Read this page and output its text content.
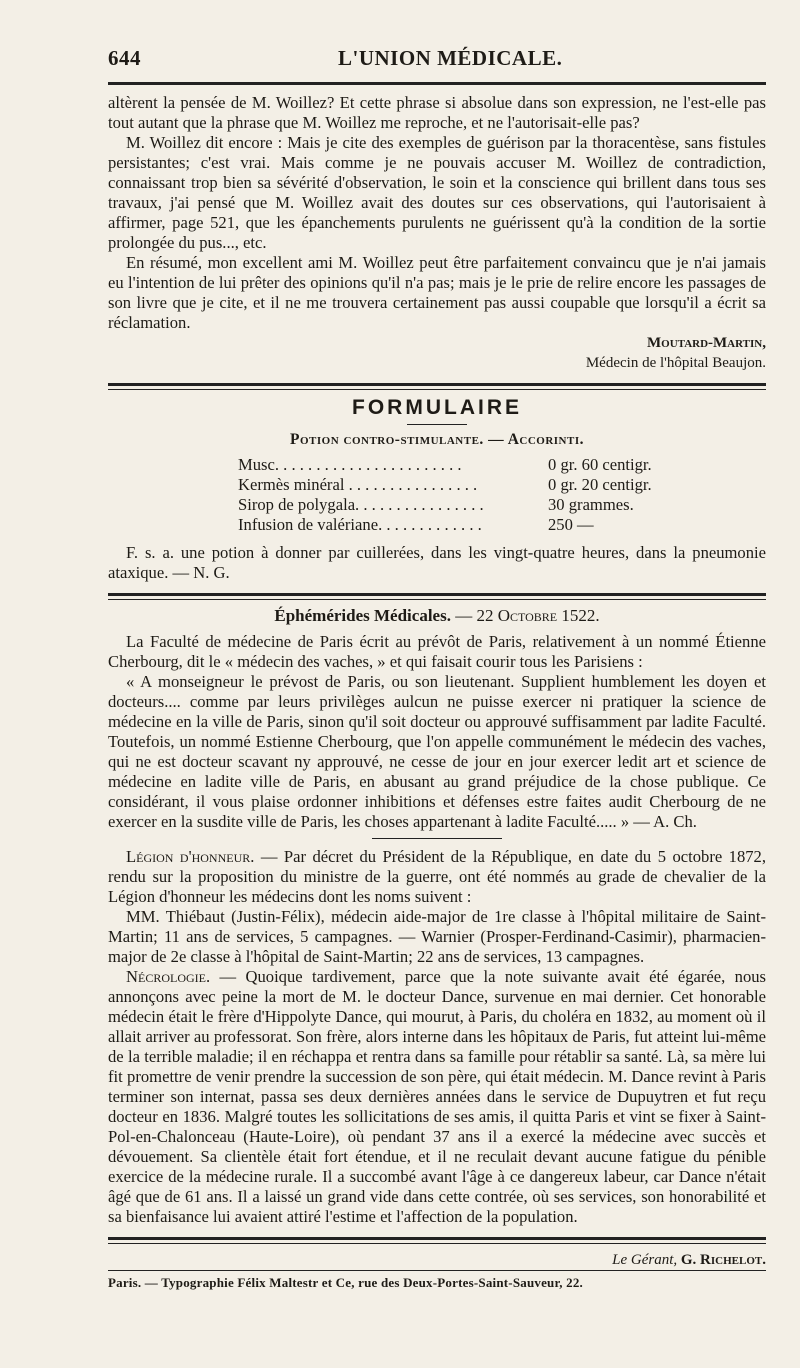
644	L'UNION MÉDICALE.

altèrent la pensée de M. Woillez? Et cette phrase si absolue dans son expression, ne l'est-elle pas tout autant que la phrase que M. Woillez me reproche, et ne l'autorisait-elle pas?

M. Woillez dit encore : Mais je cite des exemples de guérison par la thoracentèse, sans fistules persistantes; c'est vrai. Mais comme je ne pouvais accuser M. Woillez de contradiction, connaissant trop bien sa sévérité d'observation, le soin et la conscience qui brillent dans tous ses travaux, j'ai pensé que M. Woillez avait des doutes sur ces observations, qui l'autorisaient à affirmer, page 521, que les épanchements purulents ne guérissent qu'à la condition de la sortie prolongée du pus..., etc.

En résumé, mon excellent ami M. Woillez peut être parfaitement convaincu que je n'ai jamais eu l'intention de lui prêter des opinions qu'il n'a pas; mais je le prie de relire encore les passages de son livre que je cite, et il ne me trouvera certainement pas aussi coupable que lorsqu'il a écrit sa réclamation.

Moutard-Martin,
Médecin de l'hôpital Beaujon.
FORMULAIRE
Potion contro-stimulante. — Accorinti.
Musc. . . . . . . . . . . . . . . . . . . . . . .	0 gr. 60 centigr.
Kermès minéral . . . . . . . . . . . . . . . .	0 gr. 20 centigr.
Sirop de polygala. . . . . . . . . . . . . . . .	30 grammes.
Infusion de valériane. . . . . . . . . . . . .	250 —

F. s. a. une potion à donner par cuillerées, dans les vingt-quatre heures, dans la pneumonie ataxique. — N. G.

Éphémérides Médicales. — 22 Octobre 1522.

La Faculté de médecine de Paris écrit au prévôt de Paris, relativement à un nommé Étienne Cherbourg, dit le « médecin des vaches, » et qui faisait courir tous les Parisiens :

« A monseigneur le prévost de Paris, ou son lieutenant. Supplient humblement les doyen et docteurs.... comme par leurs privilèges aulcun ne puisse exercer ni pratiquer la science de médecine en la ville de Paris, sinon qu'il soit docteur ou approuvé suffisamment par ladite Faculté. Toutefois, un nommé Estienne Cherbourg, que l'on appelle communément le médecin des vaches, qui ne est docteur scavant ny approuvé, ne cesse de jour en jour exercer ledit art et science de médecine en ladite ville de Paris, en abusant au grand préjudice de la chose publique. Ce considérant, il vous plaise ordonner inhibitions et défenses estre faites audit Cherbourg de ne exercer en la susdite ville de Paris, les choses appartenant à ladite Faculté..... » — A. Ch.

Légion d'honneur. — Par décret du Président de la République, en date du 5 octobre 1872, rendu sur la proposition du ministre de la guerre, ont été nommés au grade de chevalier de la Légion d'honneur les médecins dont les noms suivent :

MM. Thiébaut (Justin-Félix), médecin aide-major de 1re classe à l'hôpital militaire de Saint-Martin; 11 ans de services, 5 campagnes. — Warnier (Prosper-Ferdinand-Casimir), pharmacien-major de 2e classe à l'hôpital de Saint-Martin; 22 ans de services, 13 campagnes.

Nécrologie. — Quoique tardivement, parce que la note suivante avait été égarée, nous annonçons avec peine la mort de M. le docteur Dance, survenue en mai dernier. Cet honorable médecin était le frère d'Hippolyte Dance, qui mourut, à Paris, du choléra en 1832, au moment où il allait arriver au professorat. Son frère, alors interne dans les hôpitaux de Paris, fut atteint lui-même de la terrible maladie; il en réchappa et rentra dans sa famille pour rétablir sa santé. Là, sa mère lui fit promettre de venir prendre la succession de son père, qui était médecin. M. Dance revint à Paris terminer son internat, passa ses deux dernières années dans le service de Dupuytren et fut reçu docteur en 1836. Malgré toutes les sollicitations de ses amis, il quitta Paris et vint se fixer à Saint-Pol-en-Chalonceau (Haute-Loire), où pendant 37 ans il a exercé la médecine avec succès et dévouement. Sa clientèle était fort étendue, et il ne reculait devant aucune fatigue du pénible exercice de la médecine rurale. Il a succombé avant l'âge à ce dangereux labeur, car Dance n'était âgé que de 61 ans. Il a laissé un grand vide dans cette contrée, où ses services, son honorabilité et sa bienfaisance lui avaient attiré l'estime et l'affection de la population.

Le Gérant, G. Richelot.
Paris. — Typographie Félix Maltestr et Ce, rue des Deux-Portes-Saint-Sauveur, 22.
